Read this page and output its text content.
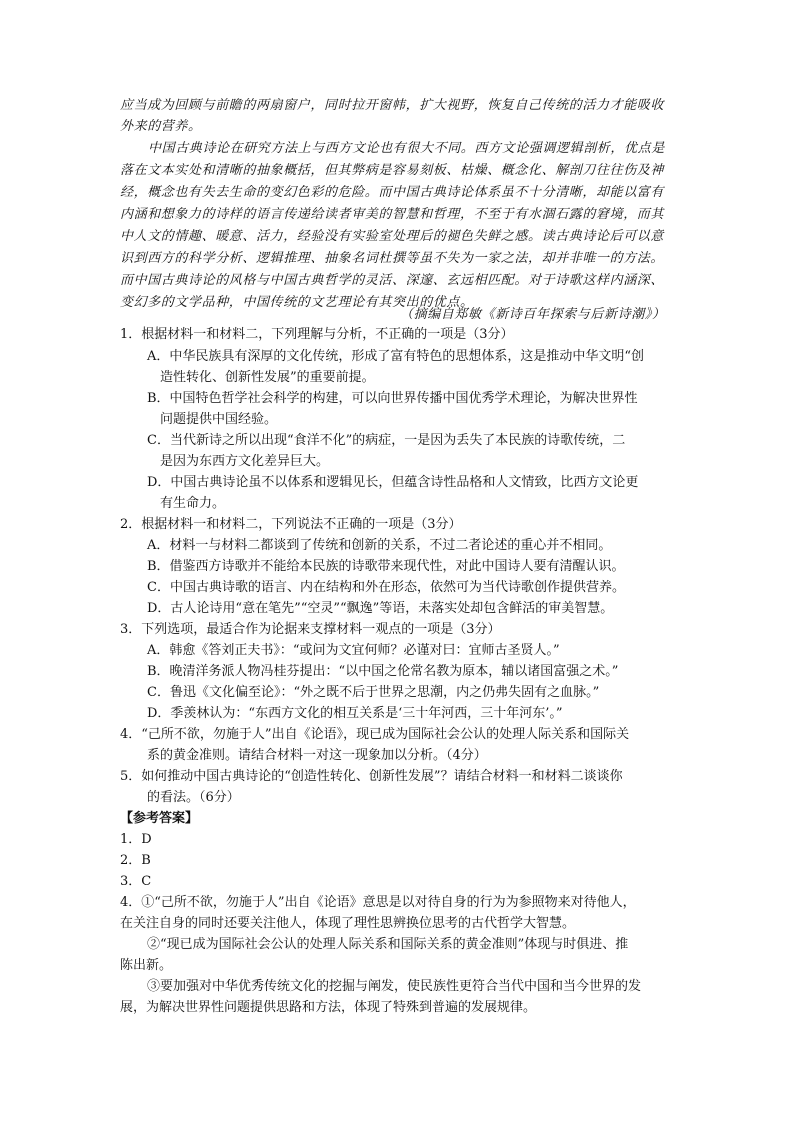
应当成为回顾与前瞻的两扇窗户，同时拉开窗帏，扩大视野，恢复自己传统的活力才能吸收
外来的营养。
中国古典诗论在研究方法上与西方文论也有很大不同。西方文论强调逻辑剖析，优点是
落在文本实处和清晰的抽象概括，但其弊病是容易刻板、枯燥、概念化、解剖刀往往伤及神
经，概念也有失去生命的变幻色彩的危险。而中国古典诗论体系虽不十分清晰，却能以富有
内涵和想象力的诗样的语言传递给读者审美的智慧和哲理，不至于有水涸石露的窘境，而其
中人文的情趣、暖意、活力，经验没有实验室处理后的褪色失鲜之感。读古典诗论后可以意
识到西方的科学分析、逻辑推理、抽象名词杜撰等虽不失为一家之法，却并非唯一的方法。
而中国古典诗论的风格与中国古典哲学的灵活、深邃、玄远相匹配。对于诗歌这样内涵深、
变幻多的文学品种，中国传统的文艺理论有其突出的优点。
（摘编自郑敏《新诗百年探索与后新诗潮》）
1．根据材料一和材料二，下列理解与分析，不正确的一项是（3分）
A．中华民族具有深厚的文化传统，形成了富有特色的思想体系，这是推动中华文明“创
造性转化、创新性发展”的重要前提。
B．中国特色哲学社会科学的构建，可以向世界传播中国优秀学术理论，为解决世界性
问题提供中国经验。
C．当代新诗之所以出现“食洋不化”的病症，一是因为丢失了本民族的诗歌传统，二
是因为东西方文化差异巨大。
D．中国古典诗论虽不以体系和逻辑见长，但蕴含诗性品格和人文情致，比西方文论更
有生命力。
2．根据材料一和材料二，下列说法不正确的一项是（3分）
A．材料一与材料二都谈到了传统和创新的关系，不过二者论述的重心并不相同。
B．借鉴西方诗歌并不能给本民族的诗歌带来现代性，对此中国诗人要有清醒认识。
C．中国古典诗歌的语言、内在结构和外在形态，依然可为当代诗歌创作提供营养。
D．古人论诗用“意在笔先”“空灵”“飘逸”等语，未落实处却包含鲜活的审美智慧。
3．下列选项，最适合作为论据来支撑材料一观点的一项是（3分）
A．韩愈《答刘正夫书》：“或问为文宜何师？必谨对曰：宜师古圣贤人。”
B．晚清洋务派人物冯桂芬提出：“以中国之伦常名教为原本，辅以诸国富强之术。”
C．鲁迅《文化偏至论》：“外之既不后于世界之思潮，内之仍弗失固有之血脉。”
D．季羡林认为：“东西方文化的相互关系是‘三十年河西，三十年河东’。”
4．“己所不欲，勿施于人”出自《论语》，现已成为国际社会公认的处理人际关系和国际关
系的黄金准则。请结合材料一对这一现象加以分析。（4分）
5．如何推动中国古典诗论的“创造性转化、创新性发展”？请结合材料一和材料二谈谈你
的看法。（6分）
【参考答案】
1．D
2．B
3．C
4．①“己所不欲，勿施于人”出自《论语》意思是以对待自身的行为为参照物来对待他人，
在关注自身的同时还要关注他人，体现了理性思辨换位思考的古代哲学大智慧。
②“现已成为国际社会公认的处理人际关系和国际关系的黄金准则”体现与时俱进、推
陈出新。
③要加强对中华优秀传统文化的挖掘与阐发，使民族性更符合当代中国和当今世界的发
展，为解决世界性问题提供思路和方法，体现了特殊到普遍的发展规律。
